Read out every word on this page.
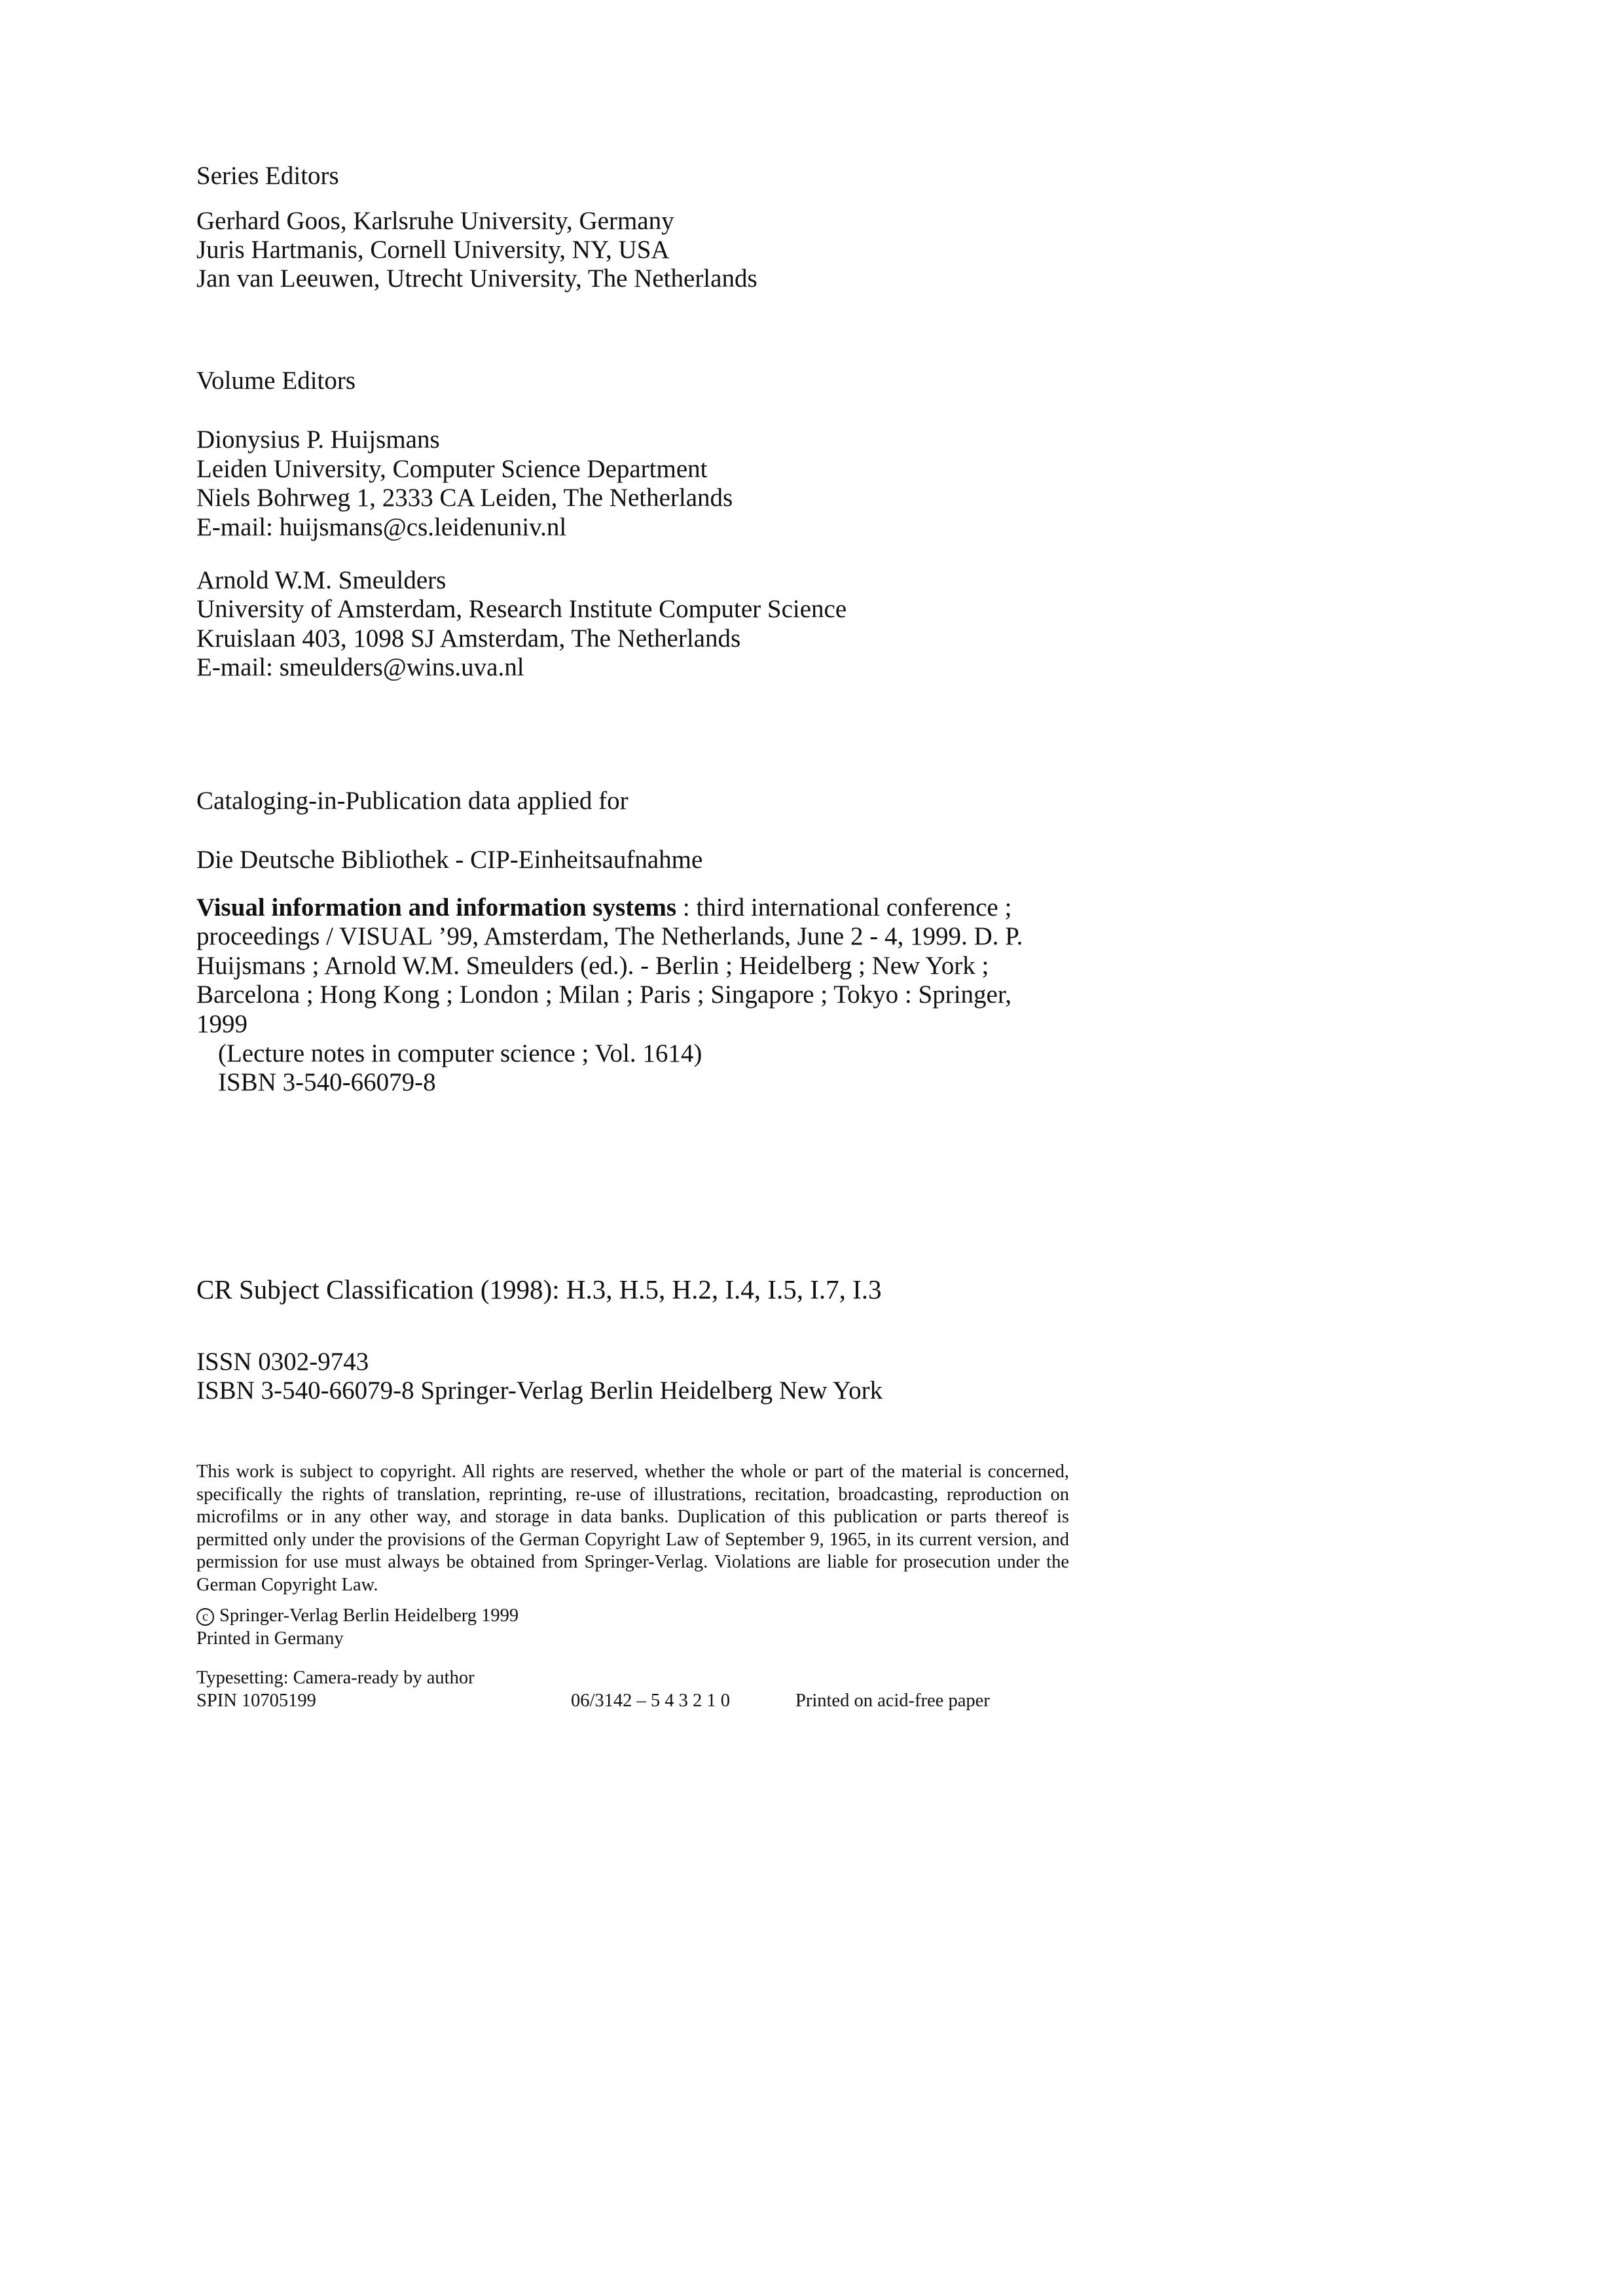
Series Editors
Gerhard Goos, Karlsruhe University, Germany
Juris Hartmanis, Cornell University, NY, USA
Jan van Leeuwen, Utrecht University, The Netherlands
Volume Editors
Dionysius P. Huijsmans
Leiden University, Computer Science Department
Niels Bohrweg 1, 2333 CA Leiden, The Netherlands
E-mail: huijsmans@cs.leidenuniv.nl
Arnold W.M. Smeulders
University of Amsterdam, Research Institute Computer Science
Kruislaan 403, 1098 SJ Amsterdam, The Netherlands
E-mail: smeulders@wins.uva.nl
Cataloging-in-Publication data applied for
Die Deutsche Bibliothek - CIP-Einheitsaufnahme
Visual information and information systems : third international conference ;
proceedings / VISUAL ’99, Amsterdam, The Netherlands, June 2 - 4, 1999. D. P.
Huijsmans ; Arnold W.M. Smeulders (ed.). - Berlin ; Heidelberg ; New York ;
Barcelona ; Hong Kong ; London ; Milan ; Paris ; Singapore ; Tokyo : Springer,
1999
(Lecture notes in computer science ; Vol. 1614)
ISBN 3-540-66079-8
CR Subject Classification (1998): H.3, H.5, H.2, I.4, I.5, I.7, I.3
ISSN 0302-9743
ISBN 3-540-66079-8 Springer-Verlag Berlin Heidelberg New York
This work is subject to copyright. All rights are reserved, whether the whole or part of the material is concerned, specifically the rights of translation, reprinting, re-use of illustrations, recitation, broadcasting, reproduction on microfilms or in any other way, and storage in data banks. Duplication of this publication or parts thereof is permitted only under the provisions of the German Copyright Law of September 9, 1965, in its current version, and permission for use must always be obtained from Springer-Verlag. Violations are liable for prosecution under the German Copyright Law.
c Springer-Verlag Berlin Heidelberg 1999
Printed in Germany
Typesetting: Camera-ready by author
SPIN 10705199	06/3142 – 5 4 3 2 1 0	Printed on acid-free paper
